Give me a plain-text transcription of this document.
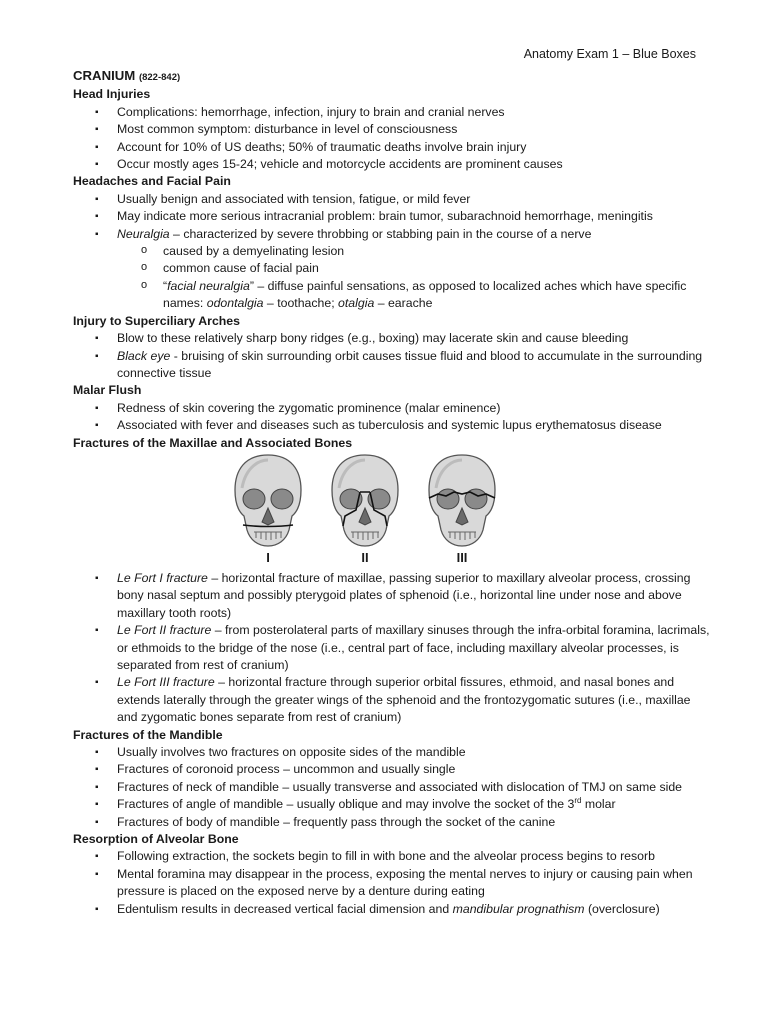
Anatomy Exam 1 – Blue Boxes
CRANIUM (822-842)
Head Injuries
▪ Complications: hemorrhage, infection, injury to brain and cranial nerves
▪ Most common symptom: disturbance in level of consciousness
▪ Account for 10% of US deaths; 50% of traumatic deaths involve brain injury
▪ Occur mostly ages 15-24; vehicle and motorcycle accidents are prominent causes
Headaches and Facial Pain
▪ Usually benign and associated with tension, fatigue, or mild fever
▪ May indicate more serious intracranial problem: brain tumor, subarachnoid hemorrhage, meningitis
▪ Neuralgia – characterized by severe throbbing or stabbing pain in the course of a nerve
o caused by a demyelinating lesion
o common cause of facial pain
o “facial neuralgia” – diffuse painful sensations, as opposed to localized aches which have specific names: odontalgia – toothache; otalgia – earache
Injury to Superciliary Arches
▪ Blow to these relatively sharp bony ridges (e.g., boxing) may lacerate skin and cause bleeding
▪ Black eye - bruising of skin surrounding orbit causes tissue fluid and blood to accumulate in the surrounding connective tissue
Malar Flush
▪ Redness of skin covering the zygomatic prominence (malar eminence)
▪ Associated with fever and diseases such as tuberculosis and systemic lupus erythematosus disease
Fractures of the Maxillae and Associated Bones
I	II	III
▪ Le Fort I fracture – horizontal fracture of maxillae, passing superior to maxillary alveolar process, crossing bony nasal septum and possibly pterygoid plates of sphenoid (i.e., horizontal line under nose and above maxillary tooth roots)
▪ Le Fort II fracture – from posterolateral parts of maxillary sinuses through the infra-orbital foramina, lacrimals, or ethmoids to the bridge of the nose (i.e., central part of face, including maxillary alveolar processes, is separated from rest of cranium)
▪ Le Fort III fracture – horizontal fracture through superior orbital fissures, ethmoid, and nasal bones and extends laterally through the greater wings of the sphenoid and the frontozygomatic sutures (i.e., maxillae and zygomatic bones separate from rest of cranium)
Fractures of the Mandible
▪ Usually involves two fractures on opposite sides of the mandible
▪ Fractures of coronoid process – uncommon and usually single
▪ Fractures of neck of mandible – usually transverse and associated with dislocation of TMJ on same side
▪ Fractures of angle of mandible – usually oblique and may involve the socket of the 3rd molar
▪ Fractures of body of mandible – frequently pass through the socket of the canine
Resorption of Alveolar Bone
▪ Following extraction, the sockets begin to fill in with bone and the alveolar process begins to resorb
▪ Mental foramina may disappear in the process, exposing the mental nerves to injury or causing pain when pressure is placed on the exposed nerve by a denture during eating
▪ Edentulism results in decreased vertical facial dimension and mandibular prognathism (overclosure)
